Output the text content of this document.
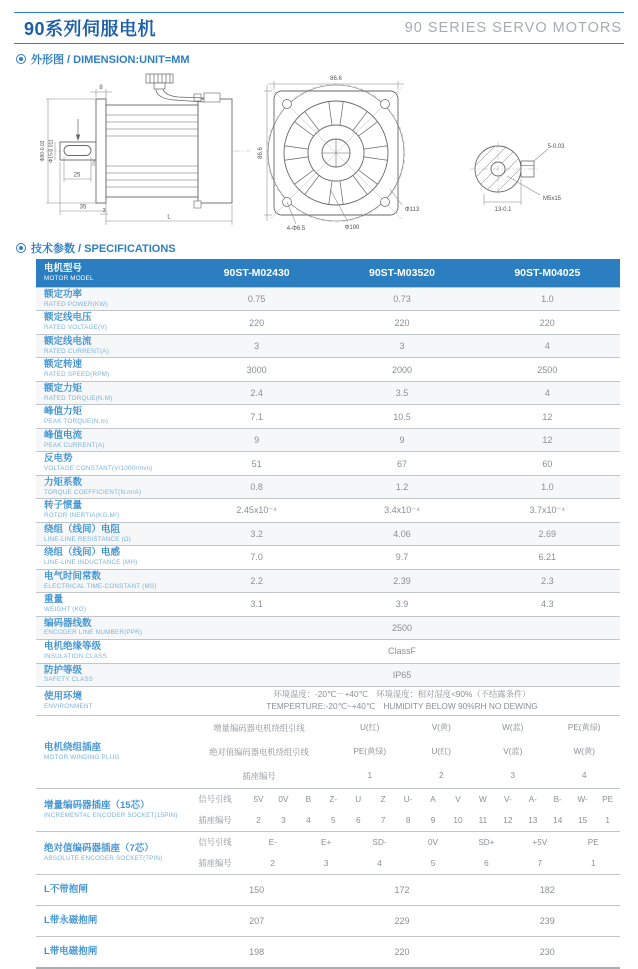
90系列伺服电机	90 SERIES SERVO MOTORS
外形图 / DIMENSION:UNIT=MM
8
3
25
35
3
L
Φ80-0.03 Φ15-0.011
86.6
86.6
4-Φ6.5	Φ100
Φ113
5-0.03
13-0.1
M5x15
技术参数 / SPECIFICATIONS
电机型号
MOTOR MODEL	90ST-M02430	90ST-M03520	90ST-M04025
额定功率
RATED POWER(KW)
0.75	0.73	1.0
额定线电压
RATED VOLTAGE(V)
220	220	220
额定线电流
RATED CURRENT(A)
3	3	4
额定转速
RATED SPEED(RPM)
3000	2000	2500
额定力矩
RATED TORQUE(N.M)
2.4	3.5	4
峰值力矩
PEAK TORQUE(N.m)
7.1	10.5	12
峰值电流
PEAK CURRENT(A)
9	9	12
反电势
VOLTAGE CONSTANT(V/1000r/min)
51	67	60
力矩系数
TORQUE COEFFICIENT(N.m/A)
0.8	1.2	1.0
转子惯量
ROTOR INERTIA(KG.M²)
2.45x10⁻⁴	3.4x10⁻⁴	3.7x10⁻⁴
绕组（线间）电阻
LINE-LINE RESISTANCE (Ω)
3.2	4.06	2.69
绕组（线间）电感
LINE-LINE INDUCTANCE (MH)
7.0	9.7	6.21
电气时间常数
ELECTRICAL TIME-CONSTANT (MS)
2.2	2.39	2.3
重量
WEIGHT (KG)
3.1	3.9	4.3
编码器线数
ENCODER LINE NUMBER(PPR)
2500
电机绝缘等级
INSULATION CLASS
ClassF
防护等级
SAFETY CLASS
IP65
使用环境
ENVIRONMENT
环境温度：-20℃－+40℃　环境湿度：相对湿度<90%（不结露条件）
TEMPERTURE:-20℃~+40℃　HUMIDITY BELOW 90%RH NO DEWING
电机绕组插座
MOTOR WINDING PLUG
增量编码器电机绕组引线	U(红)	V(黄)	W(蓝)	PE(黄绿)
绝对值编码器电机绕组引线	PE(黄绿)	U(红)	V(蓝)	W(黄)
插座编号	1	2	3	4
增量编码器插座（15芯）
INCREMENTAL ENCODER SOCKET(15PIN)
信号引线	5V	0V	B	Z-	U	Z	U-	A	V	W	V-	A-	B-	W-	PE
插座编号	2	3	4	5	6	7	8	9	10	11	12	13	14	15	1
绝对值编码器插座（7芯）
ABSOLUTE ENCODER SOCKET(7PIN)
信号引线	E-	E+	SD-	0V	SD+	+5V	PE
插座编号	2	3	4	5	6	7	1
L不带抱闸	150	172	182
L带永磁抱闸	207	229	239
L带电磁抱闸	198	220	230
